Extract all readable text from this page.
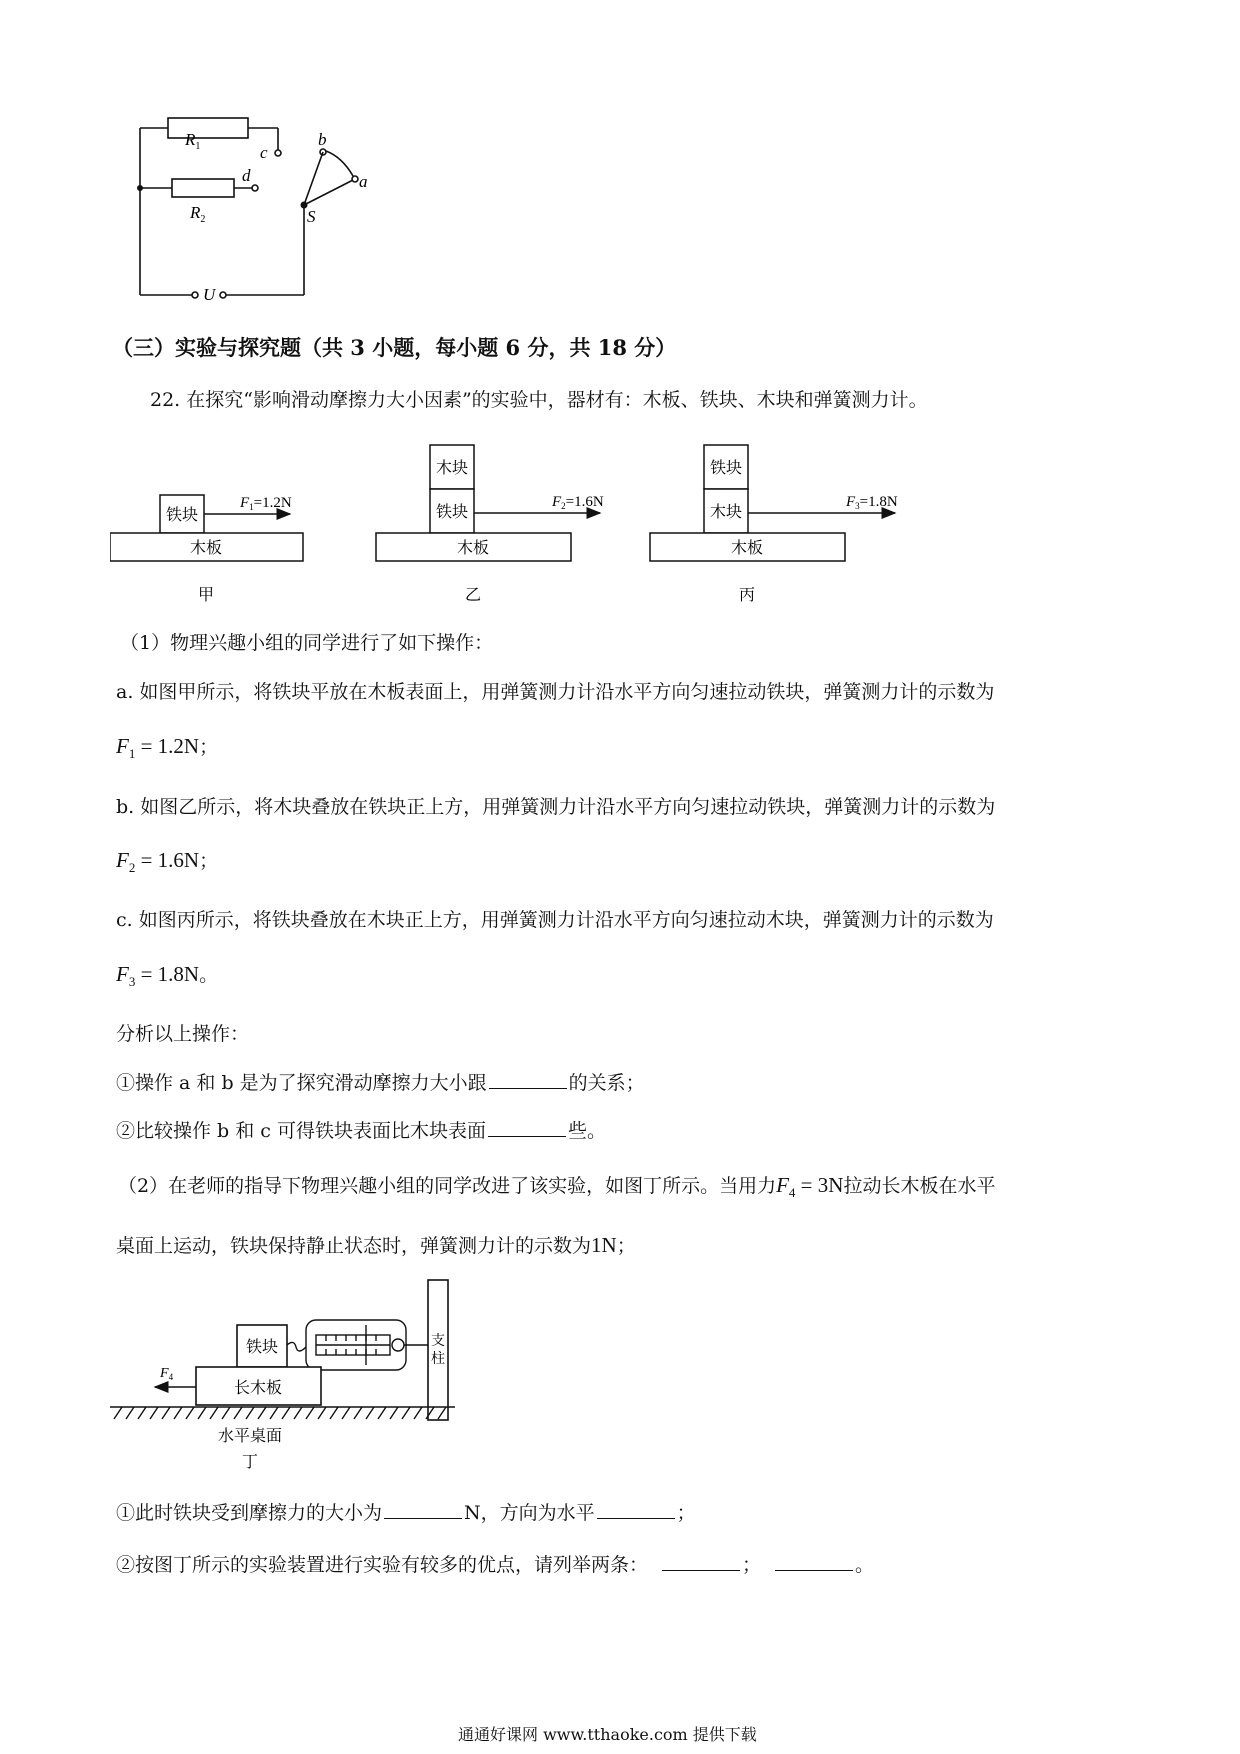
$R_1$	c
d
$R_2$
b
a
S
U
（三）实验与探究题（共 3 小题，每小题 6 分，共 18 分）
22. 在探究“影响滑动摩擦力大小因素”的实验中，器材有：木板、铁块、木块和弹簧测力计。
铁块
$F_1=1.2N$
木板
甲
木块
铁块	$F_2=1.6N$
木板
乙
铁块
木块	$F_3=1.8N$
木板
丙
（1）物理兴趣小组的同学进行了如下操作：
a. 如图甲所示，将铁块平放在木板表面上，用弹簧测力计沿水平方向匀速拉动铁块，弹簧测力计的示数为
$F_1 = 1.2N$；
b. 如图乙所示，将木块叠放在铁块正上方，用弹簧测力计沿水平方向匀速拉动铁块，弹簧测力计的示数为
$F_2 = 1.6N$；
c. 如图丙所示，将铁块叠放在木块正上方，用弹簧测力计沿水平方向匀速拉动木块，弹簧测力计的示数为
$F_3 = 1.8N$。
分析以上操作：
①操作 a 和 b 是为了探究滑动摩擦力大小跟	的关系；
②比较操作 b 和 c 可得铁块表面比木块表面	些。
（2）在老师的指导下物理兴趣小组的同学改进了该实验，如图丁所示。当用力$F_4 = 3N$拉动长木板在水平
桌面上运动，铁块保持静止状态时，弹簧测力计的示数为1N；
支
柱
铁块
长木板
$F_4$
水平桌面
丁
①此时铁块受到摩擦力的大小为	N，方向为水平	；
②按图丁所示的实验装置进行实验有较多的优点，请列举两条：	；	。
通通好课网 www.tthaoke.com 提供下载
